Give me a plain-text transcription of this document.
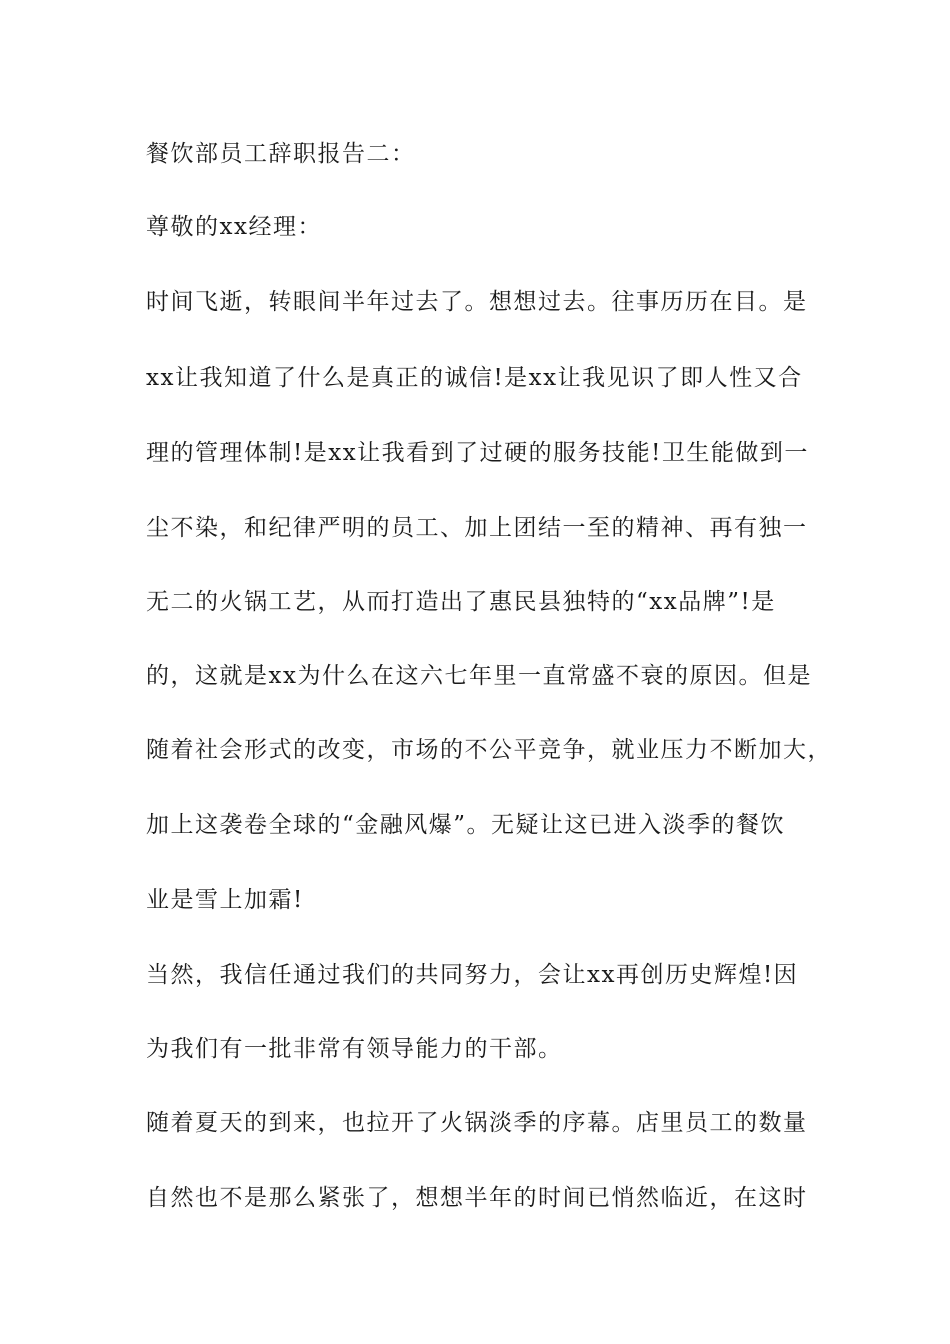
餐饮部员工辞职报告二：
尊敬的xx经理：
时间飞逝，转眼间半年过去了。想想过去。往事历历在目。是
xx让我知道了什么是真正的诚信!是xx让我见识了即人性又合
理的管理体制!是xx让我看到了过硬的服务技能!卫生能做到一
尘不染，和纪律严明的员工、加上团结一至的精神、再有独一
无二的火锅工艺，从而打造出了惠民县独特的“xx品牌”!是
的，这就是xx为什么在这六七年里一直常盛不衰的原因。但是
随着社会形式的改变，市场的不公平竞争，就业压力不断加大，
加上这袭卷全球的“金融风爆”。无疑让这已进入淡季的餐饮
业是雪上加霜!
当然，我信任通过我们的共同努力，会让xx再创历史辉煌!因
为我们有一批非常有领导能力的干部。
随着夏天的到来，也拉开了火锅淡季的序幕。店里员工的数量
自然也不是那么紧张了，想想半年的时间已悄然临近，在这时
